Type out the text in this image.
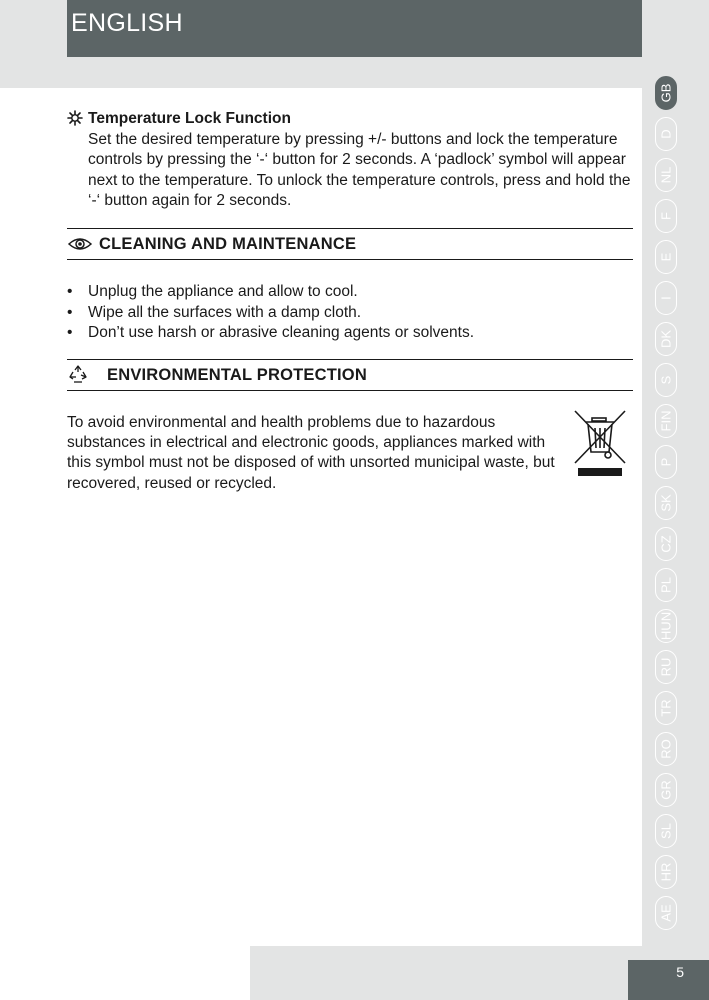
ENGLISH
GB
D
NL
F
E
I
DK
S
FIN
P
SK
CZ
PL
HUN
RU
TR
RO
GR
SL
HR
AE
5
Temperature Lock Function
Set the desired temperature by pressing +/- buttons and lock the temperature controls by pressing the ‘-‘ button for 2 seconds. A ‘padlock’ symbol will appear next to the temperature. To unlock the temperature controls, press and hold the ‘-‘ button again for 2 seconds.
CLEANING AND MAINTENANCE
• Unplug the appliance and allow to cool.
• Wipe all the surfaces with a damp cloth.
• Don’t use harsh or abrasive cleaning agents or solvents.
ENVIRONMENTAL PROTECTION
To avoid environmental and health problems due to hazardous substances in electrical and electronic goods, appliances marked with this symbol must not be disposed of with unsorted municipal waste, but recovered, reused or recycled.
